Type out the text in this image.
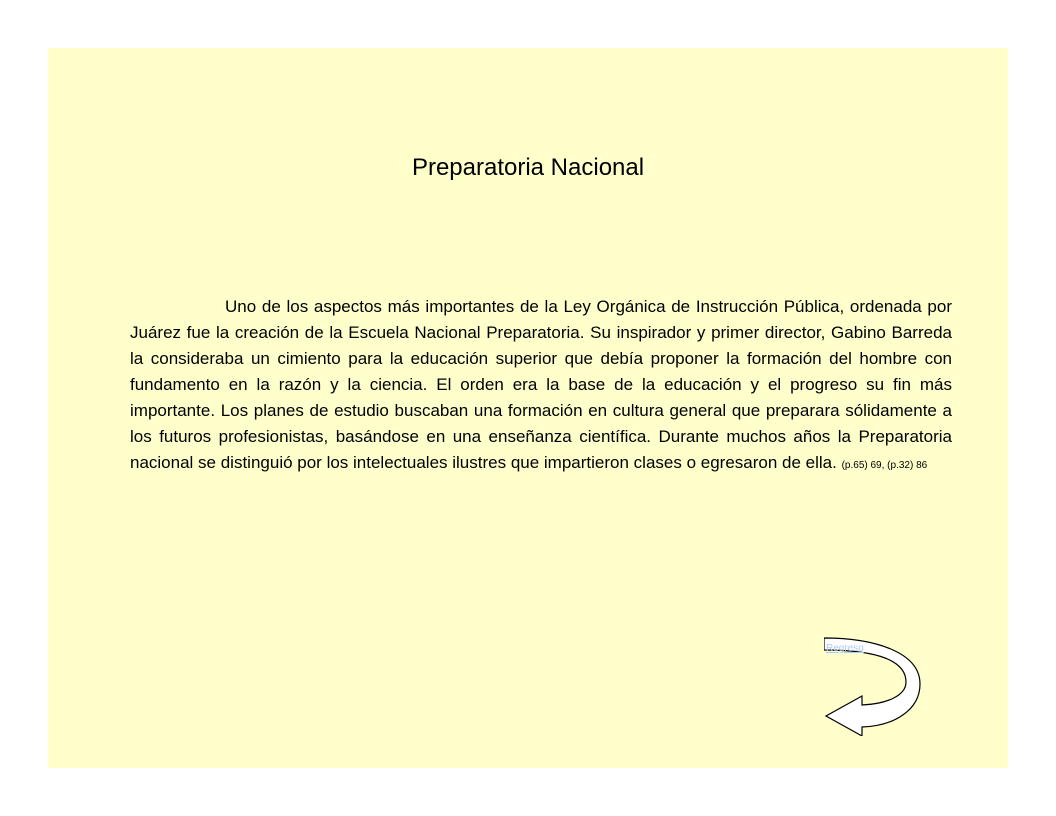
Preparatoria Nacional

Uno de los aspectos más importantes de la Ley Orgánica de Instrucción Pública, ordenada por Juárez fue la creación de la Escuela Nacional Preparatoria. Su inspirador y primer director, Gabino Barreda la consideraba un cimiento para la educación superior que debía proponer la formación del hombre con fundamento en la razón y la ciencia. El orden era la base de la educación y el progreso su fin más importante. Los planes de estudio buscaban una formación en cultura general que preparara sólidamente a los futuros profesionistas, basándose en una enseñanza científica. Durante muchos años la Preparatoria nacional se distinguió por los intelectuales ilustres que impartieron clases o egresaron de ella. (p.65) 69, (p.32) 86

Regreso
